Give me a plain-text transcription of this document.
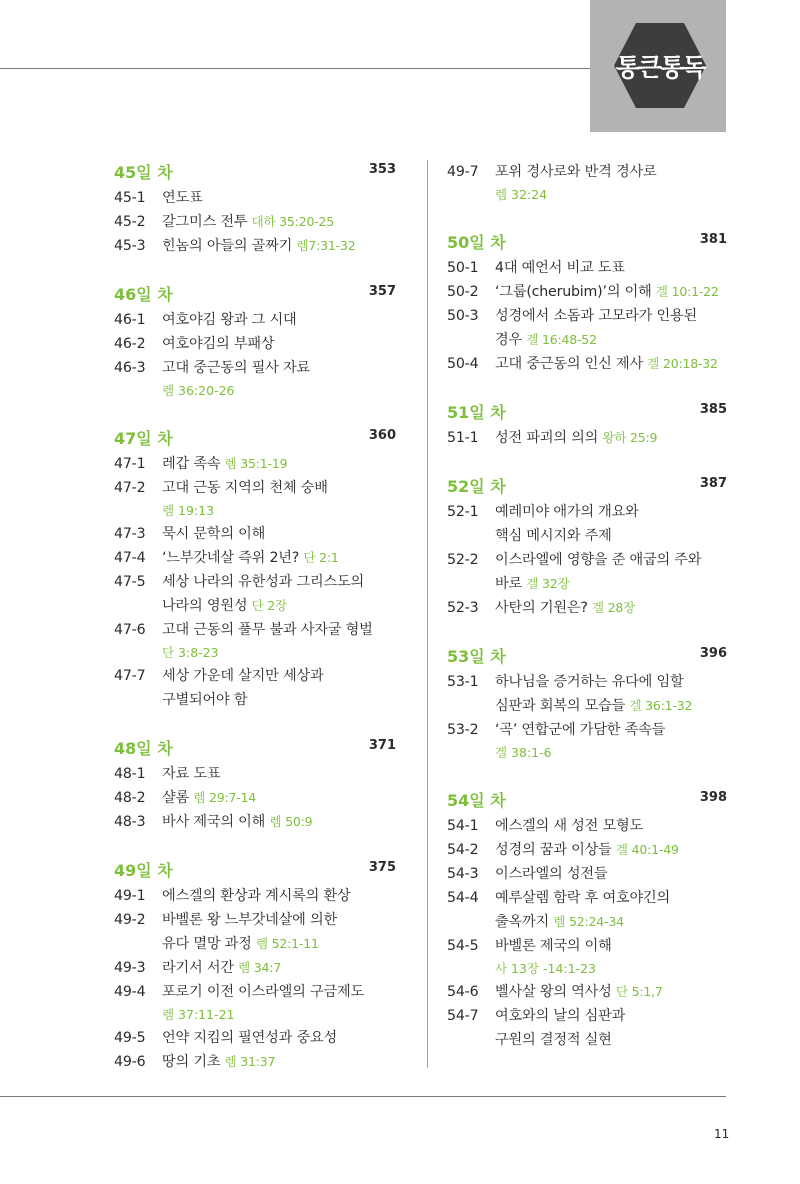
통큰통독
45일 차	353
45-1 연도표
45-2 갈그미스 전투 대하 35:20-25
45-3 힌놈의 아들의 골짜기 렘7:31-32
46일 차	357
46-1 여호야김 왕과 그 시대
46-2 여호야김의 부패상
46-3 고대 중근동의 필사 자료
렘 36:20-26
47일 차	360
47-1 레갑 족속 렘 35:1-19
47-2 고대 근동 지역의 천체 숭배
렘 19:13
47-3 묵시 문학의 이해
47-4 ‘느부갓네살 즉위 2년? 단 2:1
47-5 세상 나라의 유한성과 그리스도의
나라의 영원성 단 2장
47-6 고대 근동의 풀무 불과 사자굴 형벌
단 3:8-23
47-7 세상 가운데 살지만 세상과
구별되어야 함
48일 차	371
48-1 자료 도표
48-2 샬롬 렘 29:7-14
48-3 바사 제국의 이해 렘 50:9
49일 차	375
49-1 에스겔의 환상과 계시록의 환상
49-2 바벨론 왕 느부갓네살에 의한
유다 멸망 과정 렘 52:1-11
49-3 라기서 서간 렘 34:7
49-4 포로기 이전 이스라엘의 구금제도
렘 37:11-21
49-5 언약 지킴의 필연성과 중요성
49-6 땅의 기초 렘 31:37
49-7 포위 경사로와 반격 경사로
렘 32:24
50일 차	381
50-1 4대 예언서 비교 도표
50-2 ‘그룹(cherubim)’의 이해 겔 10:1-22
50-3 성경에서 소돔과 고모라가 인용된
경우 겔 16:48-52
50-4 고대 중근동의 인신 제사 겔 20:18-32
51일 차	385
51-1 성전 파괴의 의의 왕하 25:9
52일 차	387
52-1 예레미야 애가의 개요와
핵심 메시지와 주제
52-2 이스라엘에 영향을 준 애굽의 주와
바로 겔 32장
52-3 사탄의 기원은? 겔 28장
53일 차	396
53-1 하나님을 증거하는 유다에 임할
심판과 회복의 모습들 겔 36:1-32
53-2 ‘곡’ 연합군에 가담한 족속들
겔 38:1-6
54일 차	398
54-1 에스겔의 새 성전 모형도
54-2 성경의 꿈과 이상들 겔 40:1-49
54-3 이스라엘의 성전들
54-4 예루살렘 함락 후 여호야긴의
출옥까지 렘 52:24-34
54-5 바벨론 제국의 이해
사 13장 -14:1-23
54-6 벨사살 왕의 역사성 단 5:1,7
54-7 여호와의 날의 심판과
구원의 결정적 실현
11
